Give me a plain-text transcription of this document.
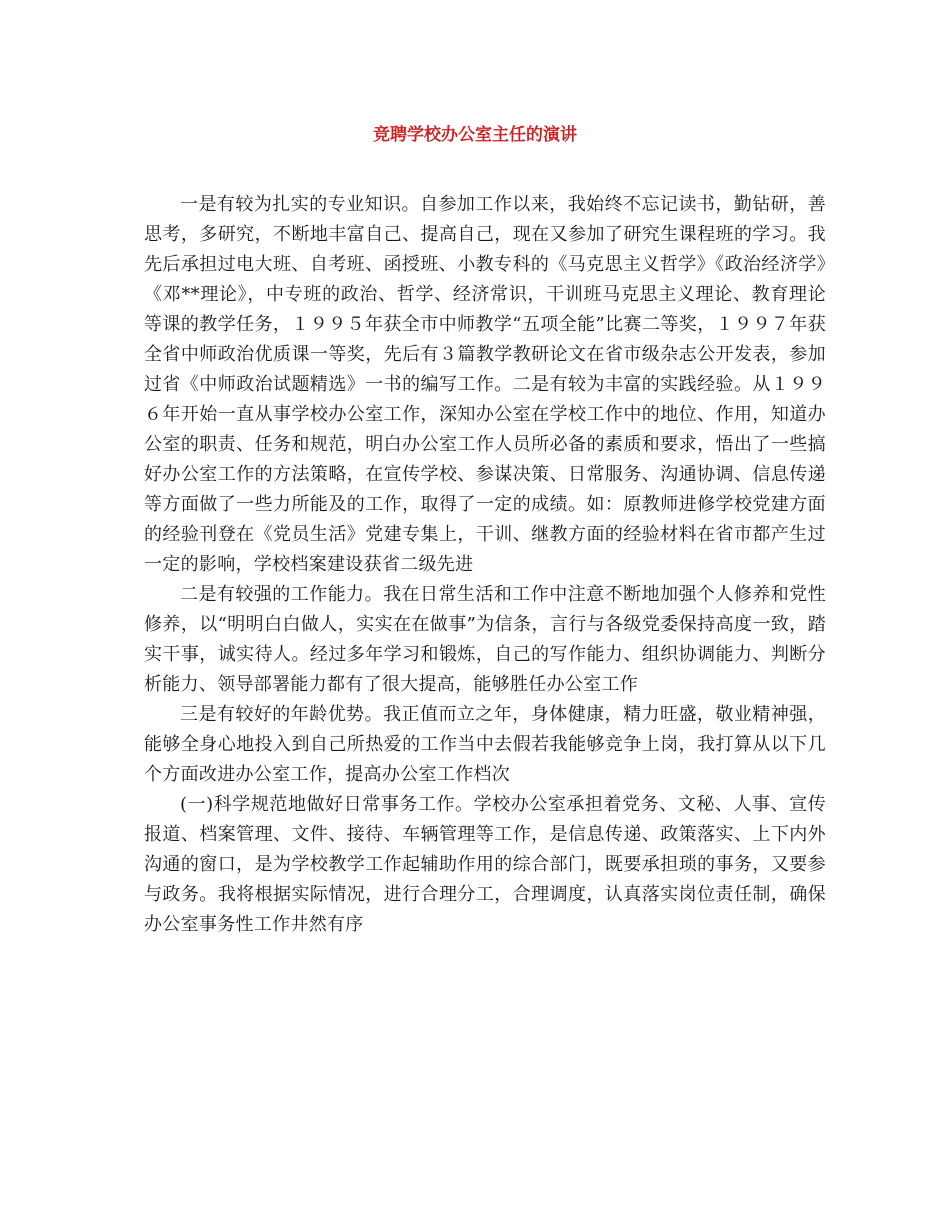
竞聘学校办公室主任的演讲

一是有较为扎实的专业知识。自参加工作以来，我始终不忘记读书，勤钻研，善思考，多研究，不断地丰富自己、提高自己，现在又参加了研究生课程班的学习。我先后承担过电大班、自考班、函授班、小教专科的《马克思主义哲学》《政治经济学》《邓**理论》，中专班的政治、哲学、经济常识，干训班马克思主义理论、教育理论等课的教学任务，１９９５年获全市中师教学“五项全能”比赛二等奖，１９９７年获全省中师政治优质课一等奖，先后有３篇教学教研论文在省市级杂志公开发表，参加过省《中师政治试题精选》一书的编写工作。二是有较为丰富的实践经验。从１９９６年开始一直从事学校办公室工作，深知办公室在学校工作中的地位、作用，知道办公室的职责、任务和规范，明白办公室工作人员所必备的素质和要求，悟出了一些搞好办公室工作的方法策略，在宣传学校、参谋决策、日常服务、沟通协调、信息传递等方面做了一些力所能及的工作，取得了一定的成绩。如：原教师进修学校党建方面的经验刊登在《党员生活》党建专集上，干训、继教方面的经验材料在省市都产生过一定的影响，学校档案建设获省二级先进

二是有较强的工作能力。我在日常生活和工作中注意不断地加强个人修养和党性修养，以“明明白白做人，实实在在做事”为信条，言行与各级党委保持高度一致，踏实干事，诚实待人。经过多年学习和锻炼，自己的写作能力、组织协调能力、判断分析能力、领导部署能力都有了很大提高，能够胜任办公室工作

三是有较好的年龄优势。我正值而立之年，身体健康，精力旺盛，敬业精神强，能够全身心地投入到自己所热爱的工作当中去假若我能够竞争上岗，我打算从以下几个方面改进办公室工作，提高办公室工作档次

(一)科学规范地做好日常事务工作。学校办公室承担着党务、文秘、人事、宣传报道、档案管理、文件、接待、车辆管理等工作，是信息传递、政策落实、上下内外沟通的窗口，是为学校教学工作起辅助作用的综合部门，既要承担琐的事务，又要参与政务。我将根据实际情况，进行合理分工，合理调度，认真落实岗位责任制，确保办公室事务性工作井然有序
